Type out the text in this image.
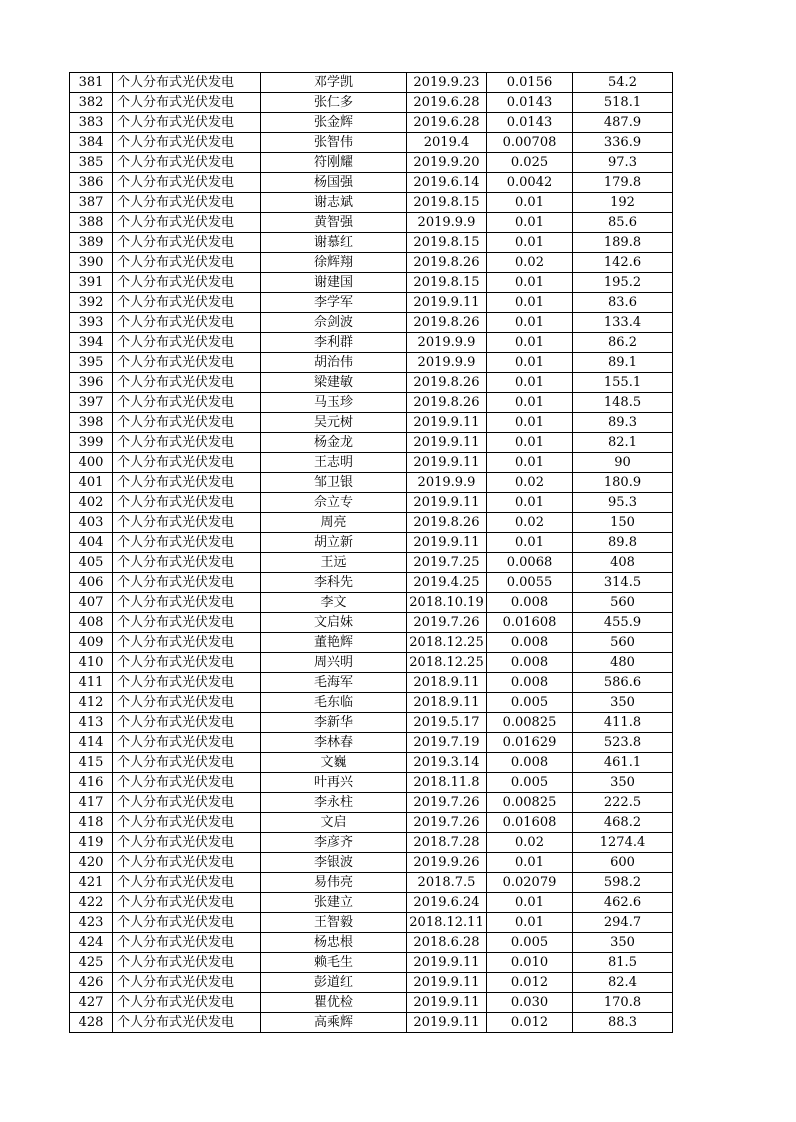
381	个人分布式光伏发电	邓学凯	2019.9.23	0.0156	54.2
382	个人分布式光伏发电	张仁多	2019.6.28	0.0143	518.1
383	个人分布式光伏发电	张金辉	2019.6.28	0.0143	487.9
384	个人分布式光伏发电	张智伟	2019.4	0.00708	336.9
385	个人分布式光伏发电	符刚耀	2019.9.20	0.025	97.3
386	个人分布式光伏发电	杨国强	2019.6.14	0.0042	179.8
387	个人分布式光伏发电	谢志斌	2019.8.15	0.01	192
388	个人分布式光伏发电	黄智强	2019.9.9	0.01	85.6
389	个人分布式光伏发电	谢慕红	2019.8.15	0.01	189.8
390	个人分布式光伏发电	徐辉翔	2019.8.26	0.02	142.6
391	个人分布式光伏发电	谢建国	2019.8.15	0.01	195.2
392	个人分布式光伏发电	李学军	2019.9.11	0.01	83.6
393	个人分布式光伏发电	佘剑波	2019.8.26	0.01	133.4
394	个人分布式光伏发电	李利群	2019.9.9	0.01	86.2
395	个人分布式光伏发电	胡治伟	2019.9.9	0.01	89.1
396	个人分布式光伏发电	梁建敏	2019.8.26	0.01	155.1
397	个人分布式光伏发电	马玉珍	2019.8.26	0.01	148.5
398	个人分布式光伏发电	吴元树	2019.9.11	0.01	89.3
399	个人分布式光伏发电	杨金龙	2019.9.11	0.01	82.1
400	个人分布式光伏发电	王志明	2019.9.11	0.01	90
401	个人分布式光伏发电	邹卫银	2019.9.9	0.02	180.9
402	个人分布式光伏发电	佘立专	2019.9.11	0.01	95.3
403	个人分布式光伏发电	周亮	2019.8.26	0.02	150
404	个人分布式光伏发电	胡立新	2019.9.11	0.01	89.8
405	个人分布式光伏发电	王远	2019.7.25	0.0068	408
406	个人分布式光伏发电	李科先	2019.4.25	0.0055	314.5
407	个人分布式光伏发电	李文	2018.10.19	0.008	560
408	个人分布式光伏发电	文启妹	2019.7.26	0.01608	455.9
409	个人分布式光伏发电	董艳辉	2018.12.25	0.008	560
410	个人分布式光伏发电	周兴明	2018.12.25	0.008	480
411	个人分布式光伏发电	毛海军	2018.9.11	0.008	586.6
412	个人分布式光伏发电	毛东临	2018.9.11	0.005	350
413	个人分布式光伏发电	李新华	2019.5.17	0.00825	411.8
414	个人分布式光伏发电	李林春	2019.7.19	0.01629	523.8
415	个人分布式光伏发电	文巍	2019.3.14	0.008	461.1
416	个人分布式光伏发电	叶再兴	2018.11.8	0.005	350
417	个人分布式光伏发电	李永柱	2019.7.26	0.00825	222.5
418	个人分布式光伏发电	文启	2019.7.26	0.01608	468.2
419	个人分布式光伏发电	李彦齐	2018.7.28	0.02	1274.4
420	个人分布式光伏发电	李银波	2019.9.26	0.01	600
421	个人分布式光伏发电	易伟亮	2018.7.5	0.02079	598.2
422	个人分布式光伏发电	张建立	2019.6.24	0.01	462.6
423	个人分布式光伏发电	王智毅	2018.12.11	0.01	294.7
424	个人分布式光伏发电	杨忠根	2018.6.28	0.005	350
425	个人分布式光伏发电	赖毛生	2019.9.11	0.010	81.5
426	个人分布式光伏发电	彭道红	2019.9.11	0.012	82.4
427	个人分布式光伏发电	瞿优检	2019.9.11	0.030	170.8
428	个人分布式光伏发电	高乘辉	2019.9.11	0.012	88.3
